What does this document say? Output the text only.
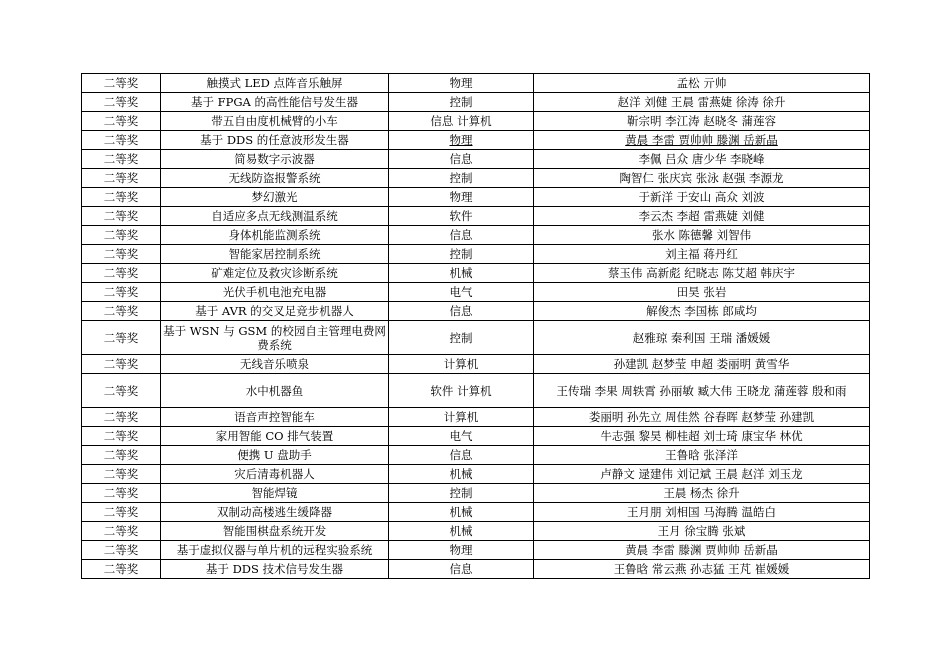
二等奖	触摸式 LED 点阵音乐触屏	物理	孟松 亓帅
二等奖	基于 FPGA 的高性能信号发生器	控制	赵洋 刘健 王晨 雷燕婕 徐涛 徐升
二等奖	带五自由度机械臂的小车	信息 计算机	靳宗明 李江涛 赵晓冬 蒲莲容
二等奖	基于 DDS 的任意波形发生器	物理	黄晨 李雷 贾帅帅 滕渊 岳新晶
二等奖	简易数字示波器	信息	李佩 吕众 唐少华 李晓峰
二等奖	无线防盗报警系统	控制	陶智仁 张庆宾 张泳 赵强 李源龙
二等奖	梦幻激光	物理	于新洋 于安山 高众 刘波
二等奖	自适应多点无线测温系统	软件	李云杰 李超 雷燕婕 刘健
二等奖	身体机能监测系统	信息	张水 陈德馨 刘智伟
二等奖	智能家居控制系统	控制	刘主福 蒋丹红
二等奖	矿难定位及救灾诊断系统	机械	蔡玉伟 高新彪 纪晓志 陈艾超 韩庆宇
二等奖	光伏手机电池充电器	电气	田昊 张岩
二等奖	基于 AVR 的交叉足竞步机器人	信息	解俊杰 李国栋 郎咸均
二等奖	基于 WSN 与 GSM 的校园自主管理电费网费系统	控制	赵雅琼 秦利国 王瑞 潘媛媛
二等奖	无线音乐喷泉	计算机	孙建凯 赵梦莹 申超 娄丽明 黄雪华
二等奖	水中机器鱼	软件 计算机	王传瑞 李果 周轶霄 孙丽敏 臧大伟 王晓龙 蒲莲蓉 殷和雨
二等奖	语音声控智能车	计算机	娄丽明 孙先立 周佳然 谷春晖 赵梦莹 孙建凯
二等奖	家用智能 CO 排气装置	电气	牛志强 黎昊 柳桂超 刘士琦 康宝华 林优
二等奖	便携 U 盘助手	信息	王鲁晗 张泽洋
二等奖	灾后清毒机器人	机械	卢静文 逯建伟 刘记斌 王晨 赵洋 刘玉龙
二等奖	智能焊镜	控制	王晨 杨杰 徐升
二等奖	双制动高楼逃生缓降器	机械	王月朋 刘相国 马海腾 温皓白
二等奖	智能围棋盘系统开发	机械	王月 徐宝腾 张斌
二等奖	基于虚拟仪器与单片机的远程实验系统	物理	黄晨 李雷 滕渊 贾帅帅 岳新晶
二等奖	基于 DDS 技术信号发生器	信息	王鲁晗 常云燕 孙志猛 王芃 崔媛媛
